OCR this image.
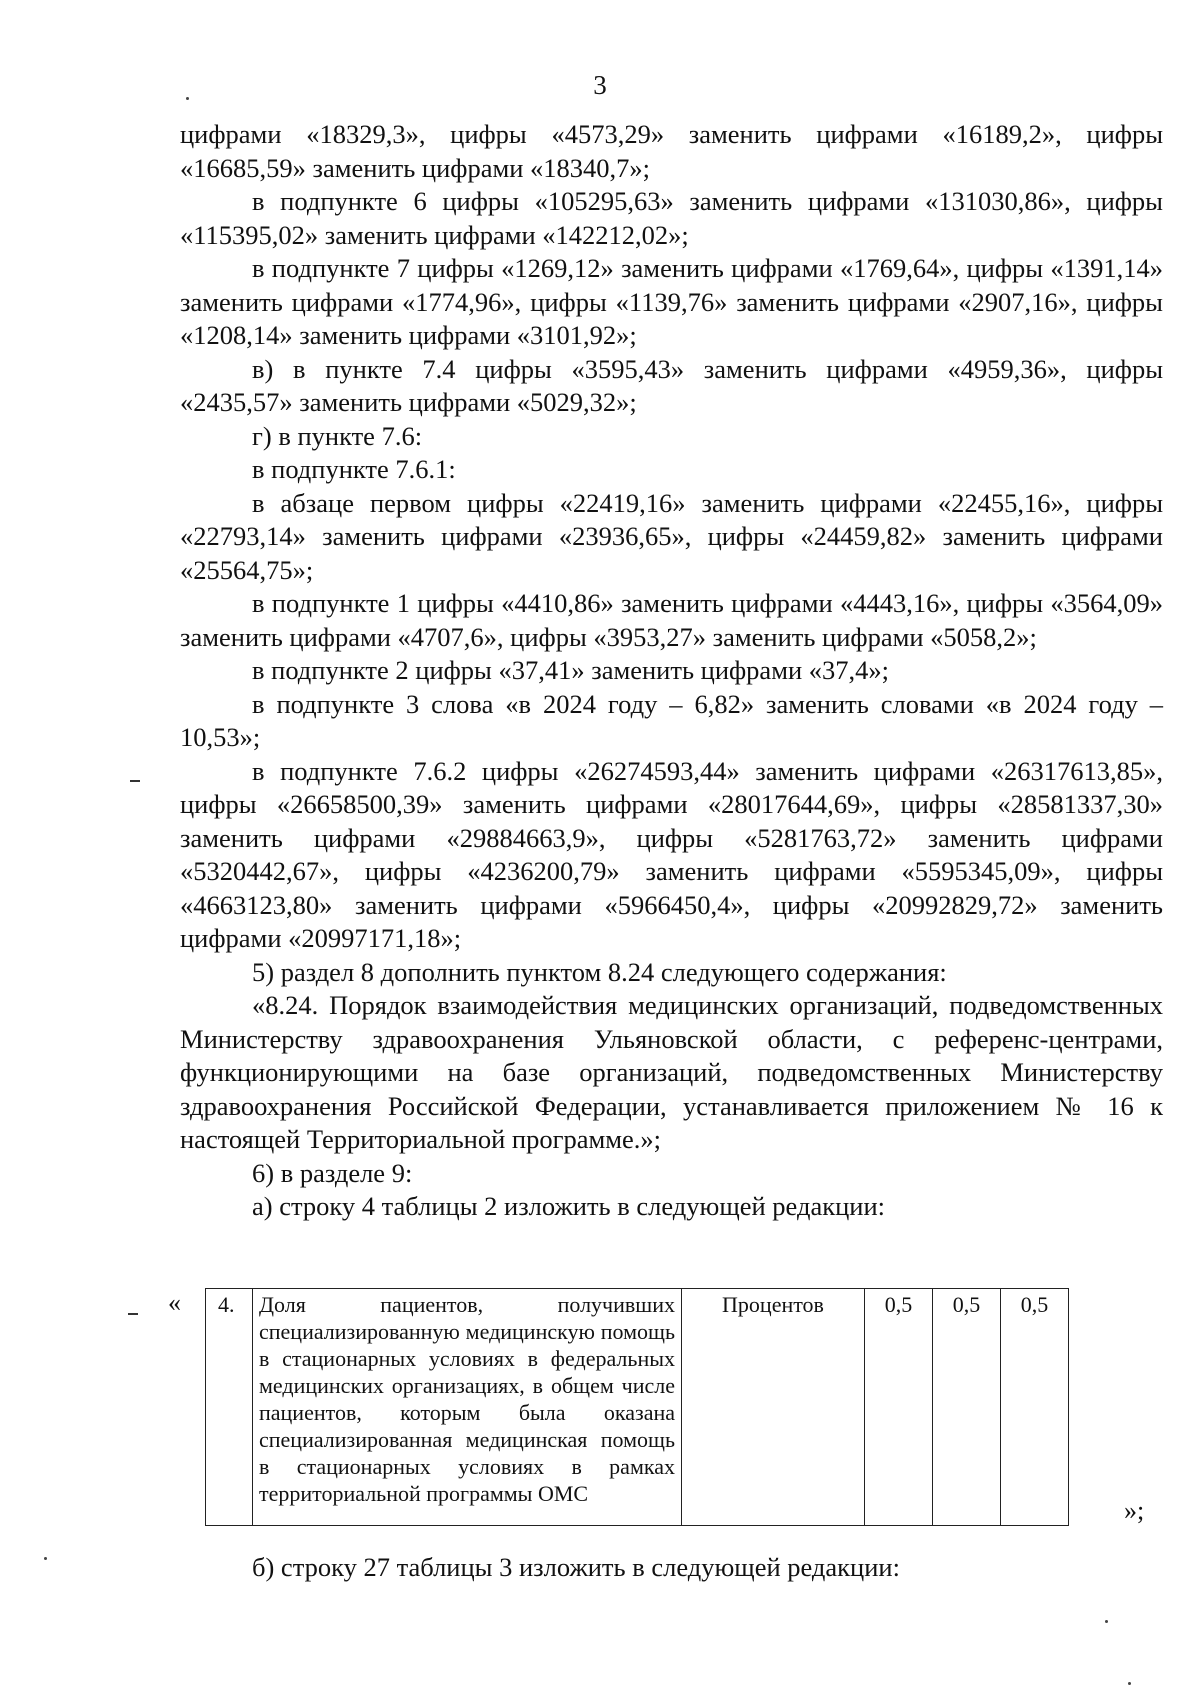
3

цифрами «18329,3», цифры «4573,29» заменить цифрами «16189,2», цифры «16685,59» заменить цифрами «18340,7»;

в подпункте 6 цифры «105295,63» заменить цифрами «131030,86», цифры «115395,02» заменить цифрами «142212,02»;

в подпункте 7 цифры «1269,12» заменить цифрами «1769,64», цифры «1391,14» заменить цифрами «1774,96», цифры «1139,76» заменить цифрами «2907,16», цифры «1208,14» заменить цифрами «3101,92»;

в) в пункте 7.4 цифры «3595,43» заменить цифрами «4959,36», цифры «2435,57» заменить цифрами «5029,32»;

г) в пункте 7.6:

в подпункте 7.6.1:

в абзаце первом цифры «22419,16» заменить цифрами «22455,16», цифры «22793,14» заменить цифрами «23936,65», цифры «24459,82» заменить цифрами «25564,75»;

в подпункте 1 цифры «4410,86» заменить цифрами «4443,16», цифры «3564,09» заменить цифрами «4707,6», цифры «3953,27» заменить цифрами «5058,2»;

в подпункте 2 цифры «37,41» заменить цифрами «37,4»;

в подпункте 3 слова «в 2024 году – 6,82» заменить словами «в 2024 году – 10,53»;

в подпункте 7.6.2 цифры «26274593,44» заменить цифрами «26317613,85», цифры «26658500,39» заменить цифрами «28017644,69», цифры «28581337,30» заменить цифрами «29884663,9», цифры «5281763,72» заменить цифрами «5320442,67», цифры «4236200,79» заменить цифрами «5595345,09», цифры «4663123,80» заменить цифрами «5966450,4», цифры «20992829,72» заменить цифрами «20997171,18»;

5) раздел 8 дополнить пунктом 8.24 следующего содержания:

«8.24. Порядок взаимодействия медицинских организаций, подведомственных Министерству здравоохранения Ульяновской области, с референс-центрами, функционирующими на базе организаций, подведомственных Министерству здравоохранения Российской Федерации, устанавливается приложением № 16 к настоящей Территориальной программе.»;

6) в разделе 9:

а) строку 4 таблицы 2 изложить в следующей редакции:

« 4.	Доля пациентов, получивших специализированную медицинскую помощь в стационарных условиях в федеральных медицинских организациях, в общем числе пациентов, которым была оказана специализированная медицинская помощь в стационарных условиях в рамках территориальной программы ОМС	Процентов	0,5	0,5	0,5
»;
б) строку 27 таблицы 3 изложить в следующей редакции:
